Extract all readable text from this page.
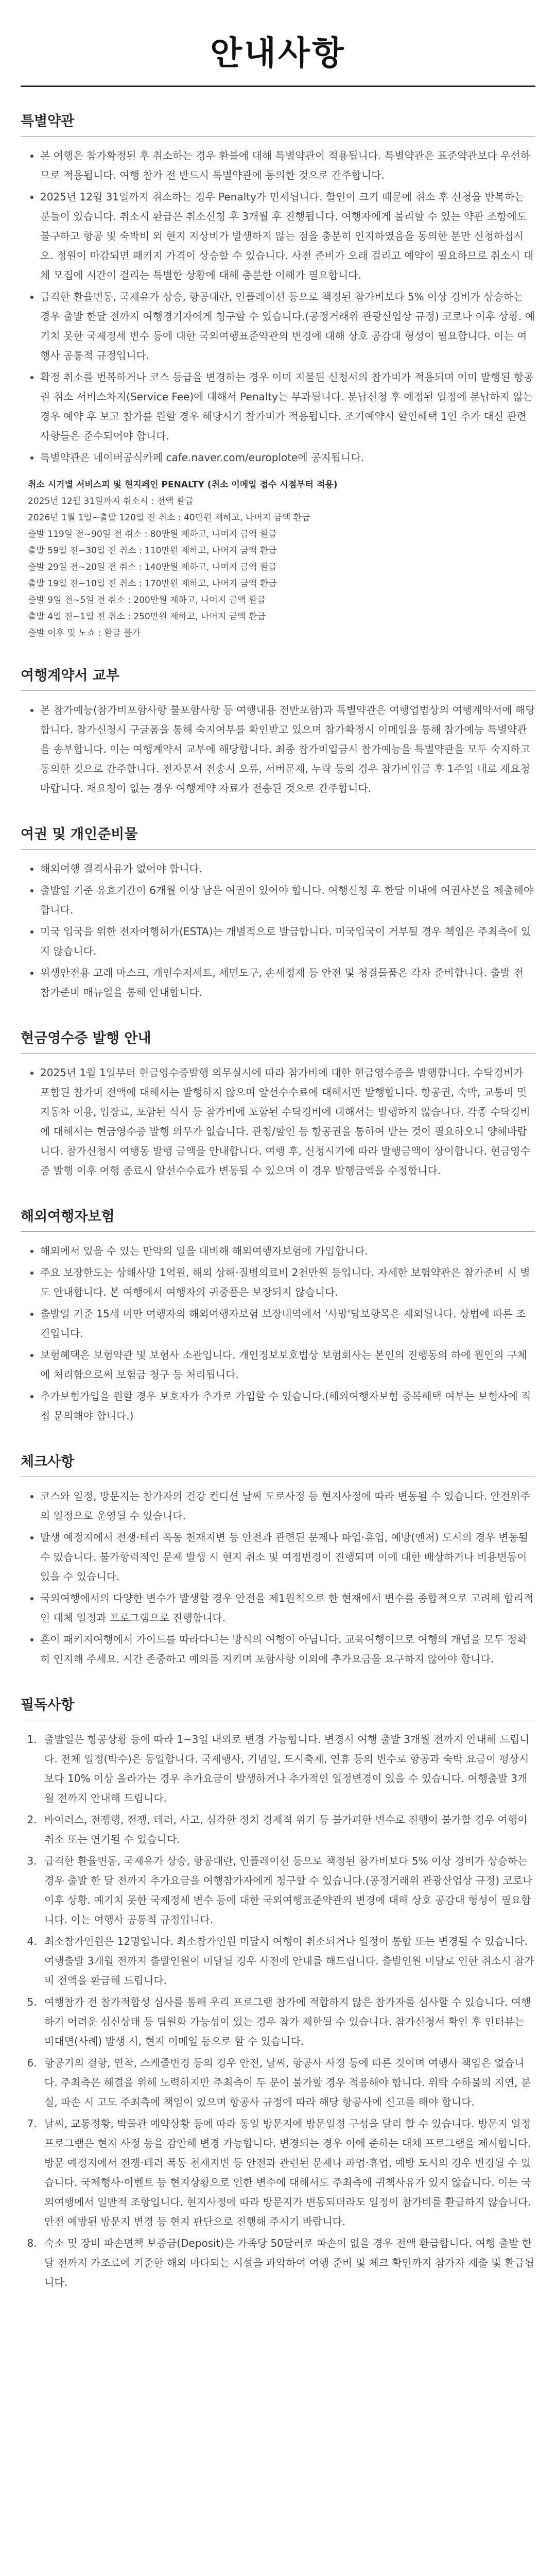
안내사항
특별약관
• 본 여행은 참가확정된 후 취소하는 경우 환불에 대해 특별약관이 적용됩니다. 특별약관은 표준약관보다 우선하므로 적용됩니다. 여행 참가 전 반드시 특별약관에 동의한 것으로 간주합니다.
• 2025년 12월 31일까지 취소하는 경우 Penalty가 면제됩니다. 할인이 크기 때문에 취소 후 신청을 반복하는 분들이 있습니다. 취소시 환급은 취소신청 후 3개월 후 진행됩니다. 여행자에게 불리할 수 있는 약관 조항에도 불구하고 항공 및 숙박비 외 현지 지상비가 발생하지 않는 점을 충분히 인지하였음을 동의한 분만 신청하십시오. 정원이 마감되면 패키지 가격이 상승할 수 있습니다. 사전 준비가 오래 걸리고 예약이 필요하므로 취소시 대체 모집에 시간이 걸리는 특별한 상황에 대해 충분한 이해가 필요합니다.
• 급격한 환율변동, 국제유가 상승, 항공대란, 인플레이션 등으로 책정된 참가비보다 5% 이상 경비가 상승하는 경우 출발 한달 전까지 여행경기자에게 청구할 수 있습니다.(공정거래위 관광산업상 규정) 코로나 이후 상황. 예기치 못한 국제정세 변수 등에 대한 국외여행표준약관의 변경에 대해 상호 공감대 형성이 필요합니다. 이는 여행사 공통적 규정입니다.
• 확정 취소를 번복하거나 코스 등급을 변경하는 경우 이미 지불된 신청서의 참가비가 적용되며 이미 발행된 항공권 취소 서비스차지(Service Fee)에 대해서 Penalty는 부과됩니다. 분납신청 후 예정된 일정에 분납하지 않는 경우 예약 후 보고 참가를 원할 경우 해당시기 참가비가 적용됩니다. 조기예약시 할인혜택 1인 추가 대신 관련 사항들은 준수되어야 합니다.
• 특별약관은 네이버공식카페 cafe.naver.com/europlote에 공지됩니다.
취소 시기별 서비스피 및 현지페인 PENALTY (취소 이메일 접수 시점부터 적용)
2025년 12월 31일까지 취소시 : 전액 환급
2026년 1월 1일~출발 120일 전 취소 : 40만원 제하고, 나머지 금액 환급
출발 119일 전~90일 전 취소 : 80만원 제하고, 나머지 금액 환급
출발 59일 전~30일 전 취소 : 110만원 제하고, 나머지 금액 환급
출발 29일 전~20일 전 취소 : 140만원 제하고, 나머지 금액 환급
출발 19일 전~10일 전 취소 : 170만원 제하고, 나머지 금액 환급
출발 9일 전~5일 전 취소 : 200만원 제하고, 나머지 금액 환급
출발 4일 전~1일 전 취소 : 250만원 제하고, 나머지 금액 환급
출발 이후 및 노쇼 : 환급 불가
여행계약서 교부
• 본 참가예능(참가비포함사항 불포함사항 등 여행내용 전반포함)과 특별약관은 여행업법상의 여행계약서에 해당합니다. 참가신청시 구글폼을 통해 숙지여부를 확인받고 있으며 참가확정시 이메일을 통해 참가예능 특별약관을 송부합니다. 이는 여행계약서 교부에 해당합니다. 최종 참가비입금시 참가예능을 특별약관을 모두 숙지하고 동의한 것으로 간주합니다. 전자문서 전송시 오류, 서버문제, 누락 등의 경우 참가비입금 후 1주일 내로 재요청 바랍니다. 재요청이 없는 경우 여행계약 자료가 전송된 것으로 간주합니다.
여권 및 개인준비물
• 해외여행 결격사유가 없어야 합니다.
• 출발일 기준 유효기간이 6개월 이상 남은 여권이 있어야 합니다. 여행신청 후 한달 이내에 여권사본을 제출해야 합니다.
• 미국 입국을 위한 전자여행허가(ESTA)는 개별적으로 발급합니다. 미국입국이 거부될 경우 책임은 주최측에 있지 않습니다.
• 위생안전용 고래 마스크, 개인수저세트, 세면도구, 손세정제 등 안전 및 청결물품은 각자 준비합니다. 출발 전 참가준비 매뉴얼을 통해 안내합니다.
현금영수증 발행 안내
• 2025년 1월 1일부터 현금영수증발행 의무실시에 따라 참가비에 대한 현금영수증을 발행합니다. 수탁경비가 포함된 참가비 전액에 대해서는 발행하지 않으며 알선수수료에 대해서만 발행합니다. 항공권, 숙박, 교통비 및 지동차 이용, 입장료, 포함된 식사 등 참가비에 포함된 수탁경비에 대해서는 발행하지 않습니다. 각종 수탁경비에 대해서는 현금영수증 발행 의무가 없습니다. 관청/할인 등 항공권을 통하여 받는 것이 필요하오니 양해바랍니다. 참가신청시 여행동 발행 금액을 안내합니다. 여행 후, 신청시기에 따라 발행금액이 상이합니다. 현금영수증 발행 이후 여행 종료시 알선수수료가 변동될 수 있으며 이 경우 발행금액을 수정합니다.
해외여행자보험
• 해외에서 있을 수 있는 만약의 일을 대비해 해외여행자보험에 가입합니다.
• 주요 보장한도는 상해사망 1억원, 해외 상해·질병의료비 2천만원 등입니다. 자세한 보험약관은 참가준비 시 별도 안내합니다. 본 여행에서 여행자의 귀중품은 보장되지 않습니다.
• 출발일 기준 15세 미만 여행자의 해외여행자보험 보장내역에서 '사망'담보항목은 제외됩니다. 상법에 따른 조건입니다.
• 보험혜택은 보험약관 및 보험사 소관입니다. 개인정보보호법상 보험회사는 본인의 진행동의 하에 원인의 구체에 처리함으로써 보험금 청구 등 처리됩니다.
• 추가보험가입을 원할 경우 보호자가 추가로 가입할 수 있습니다.(해외여행자보험 중복혜택 여부는 보험사에 직접 문의해야 합니다.)
체크사항
• 코스와 일정, 방문지는 참가자의 건강 컨디션 날씨 도로사정 등 현지사정에 따라 변동될 수 있습니다. 안전위주의 일정으로 운영될 수 있습니다.
• 발생 예정지에서 전쟁·테러 폭동 천재지변 등 안전과 관련된 문제나 파업·휴업, 예방(엔저) 도시의 경우 변동될 수 있습니다. 불가항력적인 문제 발생 시 현지 취소 및 여정변경이 진행되며 이에 대한 배상하거나 비용변동이 있을 수 있습니다.
• 국외여행에서의 다양한 변수가 발생할 경우 안전을 제1원칙으로 한 현재에서 변수를 종합적으로 고려해 합리적인 대체 일정과 프로그램으로 진행합니다.
• 혼이 패키지여행에서 가이드를 따라다니는 방식의 여행이 아닙니다. 교육여행이므로 여행의 개념을 모두 정확히 인지해 주세요. 시간 존중하고 예의를 지키며 포함사항 이외에 추가요금을 요구하지 않아야 합니다.
필독사항
1. 출발일은 항공상황 등에 따라 1~3일 내외로 변경 가능합니다. 변경시 여행 출발 3개월 전까지 안내해 드립니다. 전체 일정(박수)은 동일합니다. 국제행사, 기념일, 도시축제, 연휴 등의 변수로 항공과 숙박 요금이 평상시보다 10% 이상 올라가는 경우 추가요금이 발생하거나 추가적인 일정변경이 있을 수 있습니다. 여행출발 3개월 전까지 안내해 드립니다.
2. 바이러스, 전쟁행, 전쟁, 테러, 사고, 심각한 정치 경제적 위기 등 불가피한 변수로 진행이 불가할 경우 여행이 취소 또는 연기될 수 있습니다.
3. 급격한 환율변동, 국제유가 상승, 항공대란, 인플레이션 등으로 책정된 참가비보다 5% 이상 경비가 상승하는 경우 출발 한 달 전까지 추가요금을 여행참가자에게 청구할 수 있습니다.(공정거래위 관광산업상 규정) 코로나 이후 상황. 예기치 못한 국제정세 변수 등에 대한 국외여행표준약관의 변경에 대해 상호 공감대 형성이 필요합니다. 이는 여행사 공통적 규정입니다.
4. 최소참가인원은 12명입니다. 최소참가인원 미달시 여행이 취소되거나 일정이 통합 또는 변경될 수 있습니다. 여행출발 3개월 전까지 출발인원이 미달될 경우 사전에 안내를 해드립니다. 출발인원 미달로 인한 취소시 참가비 전액을 환급해 드립니다.
5. 여행참가 전 참가적합성 심사를 통해 우리 프로그램 참가에 적합하지 않은 참가자를 심사할 수 있습니다. 여행하기 어려운 심신상태 등 팀원화 가능성이 있는 경우 참가 제한될 수 있습니다. 참가신청서 확인 후 인터뷰는 비대면(사례) 발생 시, 현지 이메일 등으로 할 수 있습니다.
6. 항공기의 결항, 연착, 스케줄변경 등의 경우 안전, 날씨, 항공사 사정 등에 따른 것이며 여행사 책임은 없습니다. 주최측은 해결을 위해 노력하지만 주최측이 두 문이 불가할 경우 적응해야 합니다. 위탁 수하물의 지연, 분실, 파손 시 고도 주최측에 책임이 있으며 항공사 규정에 따라 해당 항공사에 신고를 해야 합니다.
7. 날씨, 교통정황, 박물관 예약상황 등에 따라 동일 방문지에 방문일정 구성을 달리 할 수 있습니다. 방문지 일정 프로그램은 현지 사정 등을 감안해 변경 가능합니다. 변경되는 경우 이에 준하는 대체 프로그램을 제시합니다. 방문 예정지에서 전쟁·테러 폭동 천재지변 등 안전과 관련된 문제나 파업·휴업, 예방 도시의 경우 변경될 수 있습니다. 국제행사·이벤트 등 현지상황으로 인한 변수에 대해서도 주최측에 귀책사유가 있지 않습니다. 이는 국외여행에서 일반적 조항입니다. 현지사정에 따라 방문지가 변동되더라도 일정이 참가비를 환급하지 않습니다. 안전 예방된 방문지 변경 등 현지 판단으로 진행해 주시기 바랍니다.
8. 숙소 및 장비 파손면책 보증금(Deposit)은 가족당 50달러로 파손이 없을 경우 전액 환급합니다. 여행 출발 한달 전까지 가조료에 기준한 해외 마다되는 시설을 파악하여 여행 준비 및 체크 확인까지 참가자 제출 및 환급됩니다.
